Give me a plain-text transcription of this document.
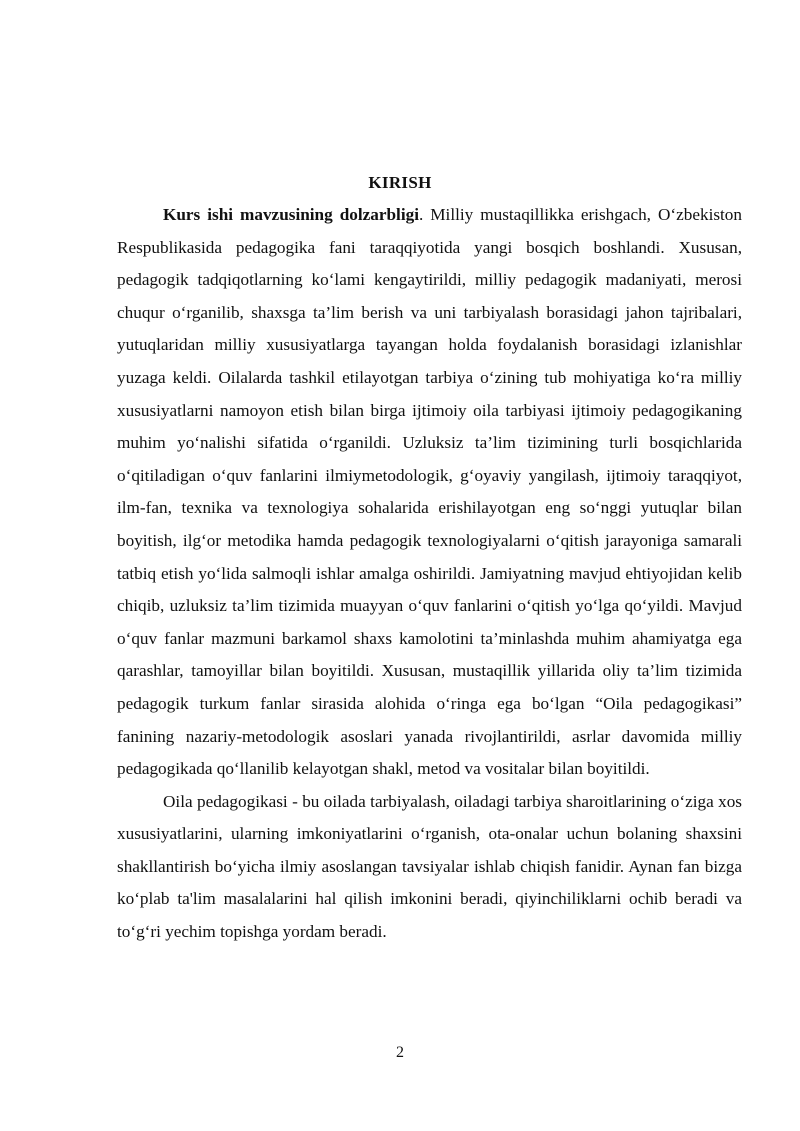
KIRISH

Kurs ishi mavzusining dolzarbligi. Milliy mustaqillikka erishgach, O‘zbekiston Respublikasida pedagogika fani taraqqiyotida yangi bosqich boshlandi. Xususan, pedagogik tadqiqotlarning ko‘lami kengaytirildi, milliy pedagogik madaniyati, merosi chuqur o‘rganilib, shaxsga ta’lim berish va uni tarbiyalash borasidagi jahon tajribalari, yutuqlaridan milliy xususiyatlarga tayangan holda foydalanish borasidagi izlanishlar yuzaga keldi. Oilalarda tashkil etilayotgan tarbiya o‘zining tub mohiyatiga ko‘ra milliy xususiyatlarni namoyon etish bilan birga ijtimoiy oila tarbiyasi ijtimoiy pedagogikaning muhim yo‘nalishi sifatida o‘rganildi. Uzluksiz ta’lim tizimining turli bosqichlarida o‘qitiladigan o‘quv fanlarini ilmiymetodologik, g‘oyaviy yangilash, ijtimoiy taraqqiyot, ilm-fan, texnika va texnologiya sohalarida erishilayotgan eng so‘nggi yutuqlar bilan boyitish, ilg‘or metodika hamda pedagogik texnologiyalarni o‘qitish jarayoniga samarali tatbiq etish yo‘lida salmoqli ishlar amalga oshirildi. Jamiyatning mavjud ehtiyojidan kelib chiqib, uzluksiz ta’lim tizimida muayyan o‘quv fanlarini o‘qitish yo‘lga qo‘yildi. Mavjud o‘quv fanlar mazmuni barkamol shaxs kamolotini ta’minlashda muhim ahamiyatga ega qarashlar, tamoyillar bilan boyitildi. Xususan, mustaqillik yillarida oliy ta’lim tizimida pedagogik turkum fanlar sirasida alohida o‘ringa ega bo‘lgan “Oila pedagogikasi” fanining nazariy-metodologik asoslari yanada rivojlantirildi, asrlar davomida milliy pedagogikada qo‘llanilib kelayotgan shakl, metod va vositalar bilan boyitildi.

Oila pedagogikasi - bu oilada tarbiyalash, oiladagi tarbiya sharoitlarining o‘ziga xos xususiyatlarini, ularning imkoniyatlarini o‘rganish, ota-onalar uchun bolaning shaxsini shakllantirish bo‘yicha ilmiy asoslangan tavsiyalar ishlab chiqish fanidir. Aynan fan bizga ko‘plab ta'lim masalalarini hal qilish imkonini beradi, qiyinchiliklarni ochib beradi va to‘g‘ri yechim topishga yordam beradi.

2
